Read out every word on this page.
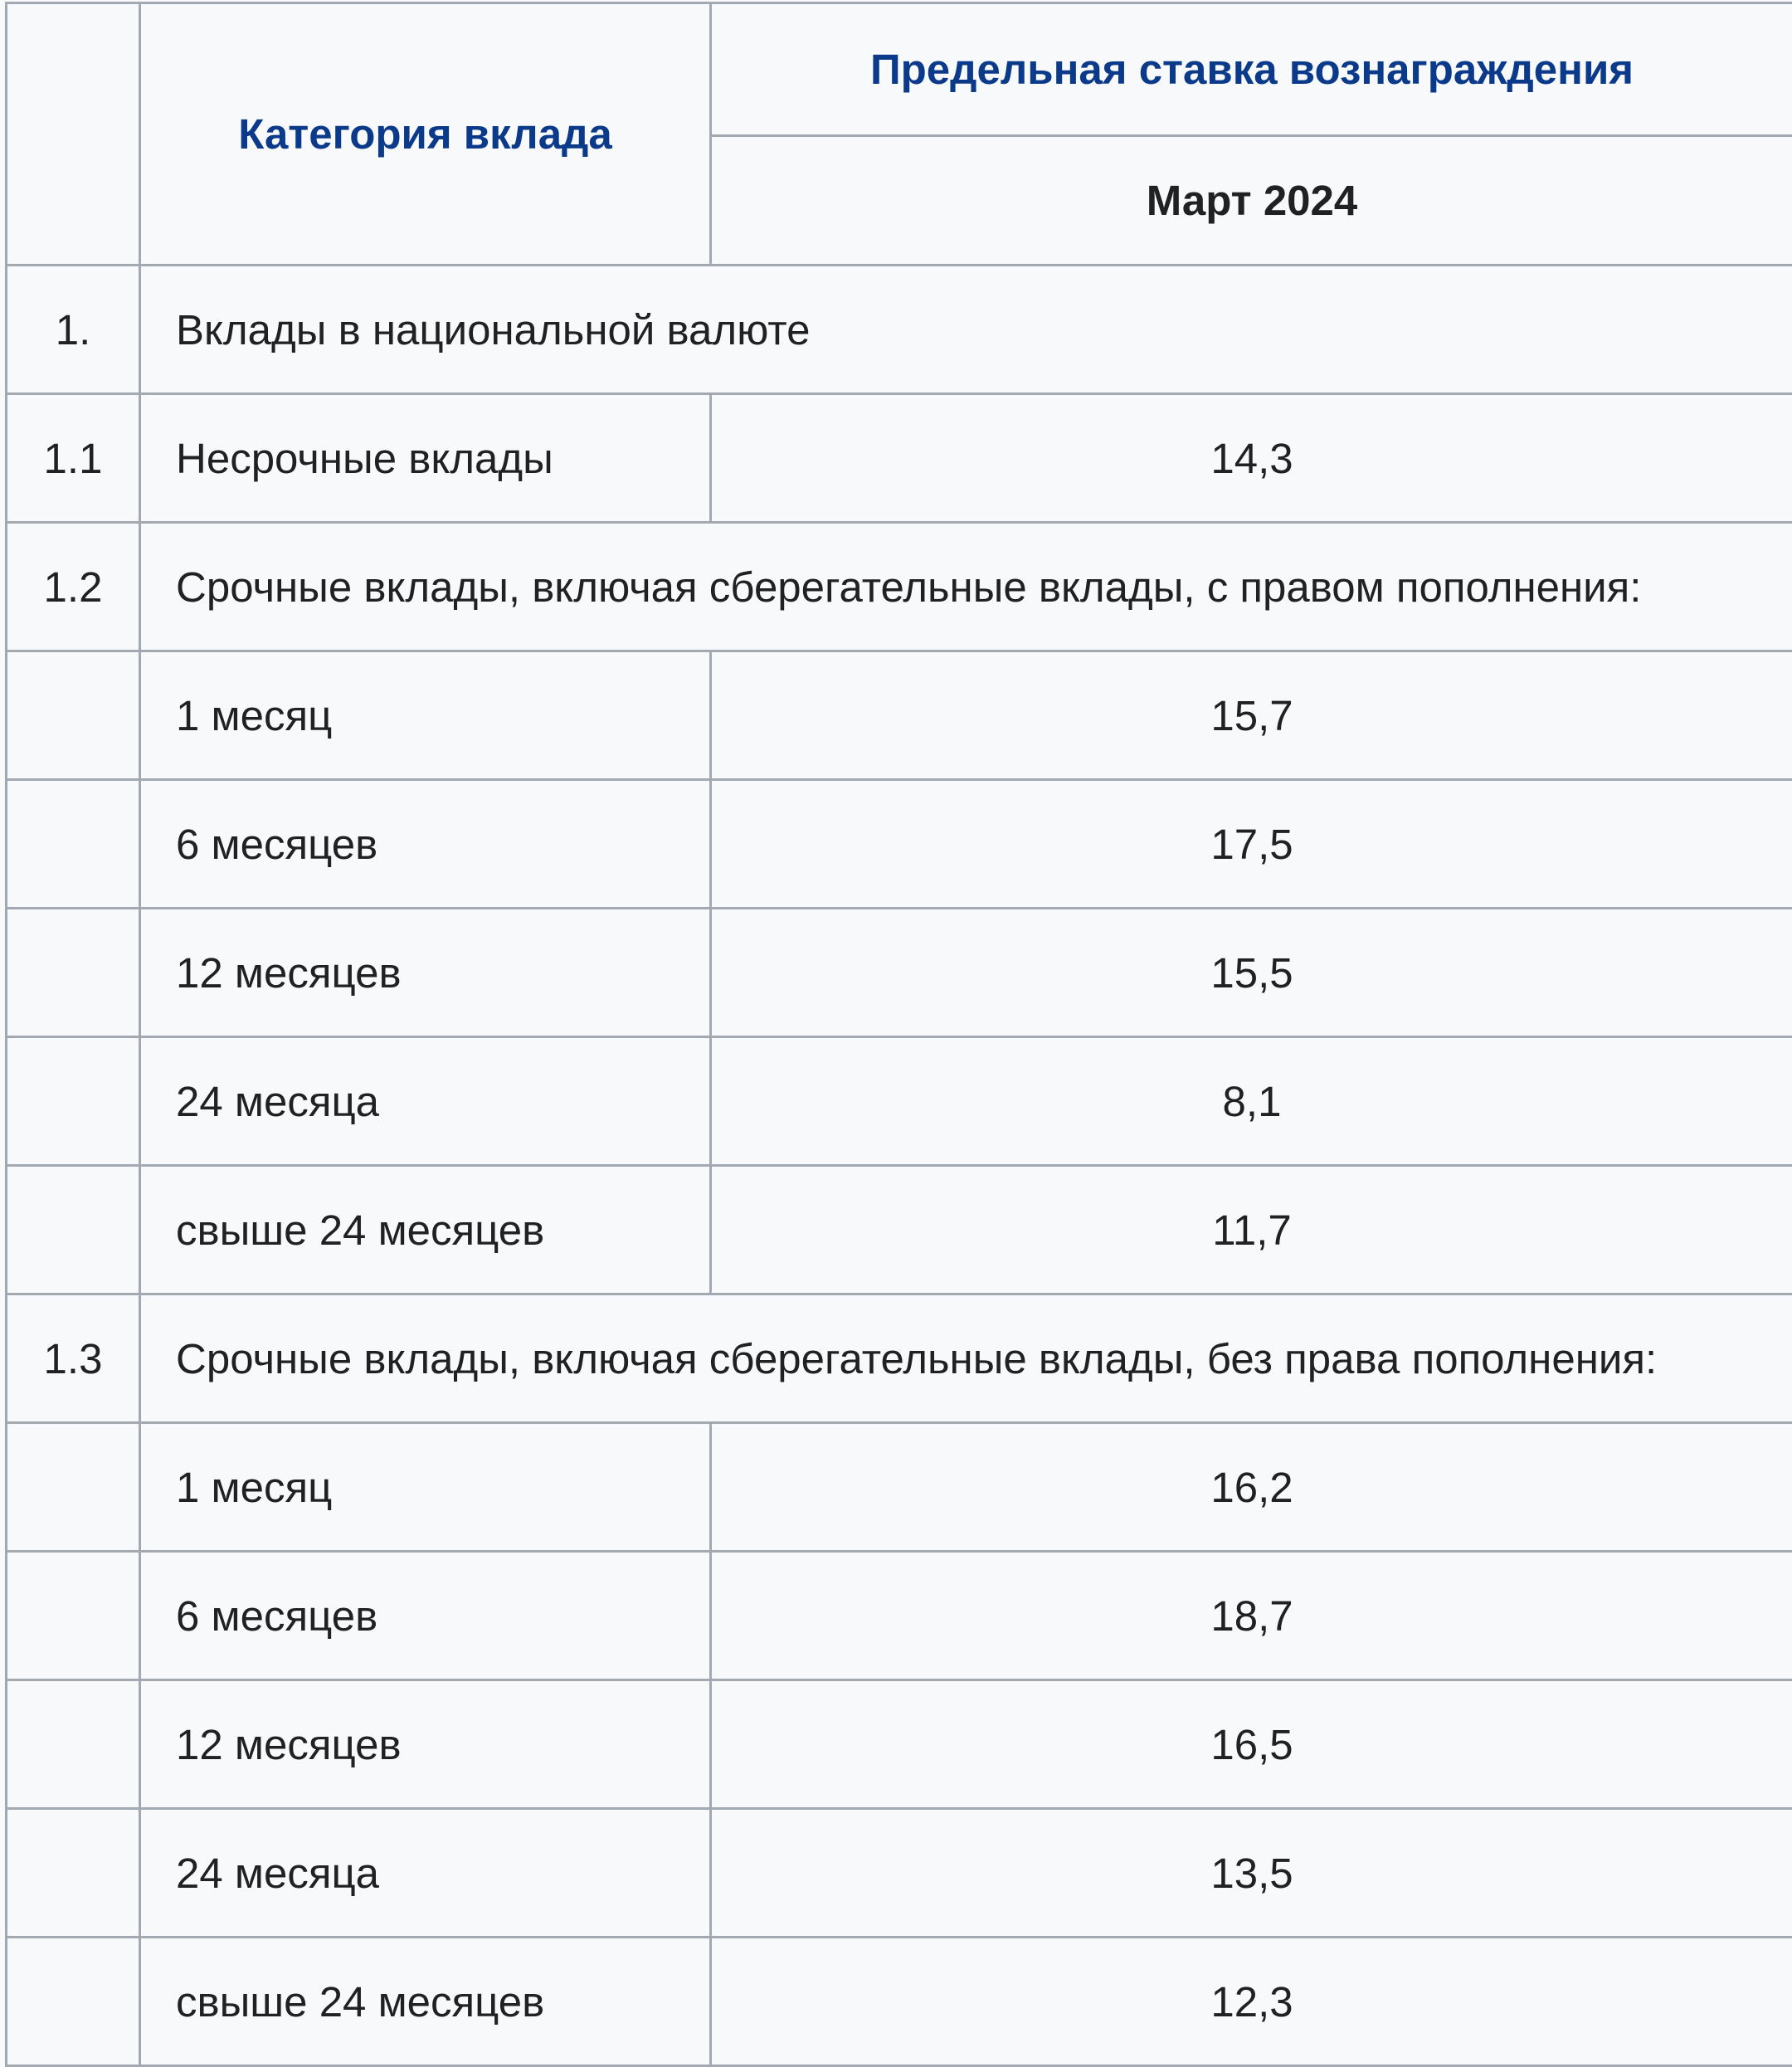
	Категория вклада	Предельная ставка вознаграждения
		Март 2024
1.	Вклады в национальной валюте	
1.1	Несрочные вклады	14,3
1.2	Срочные вклады, включая сберегательные вклады, с правом пополнения:	
	1 месяц	15,7
	6 месяцев	17,5
	12 месяцев	15,5
	24 месяца	8,1
	свыше 24 месяцев	11,7
1.3	Срочные вклады, включая сберегательные вклады, без права пополнения:	
	1 месяц	16,2
	6 месяцев	18,7
	12 месяцев	16,5
	24 месяца	13,5
	свыше 24 месяцев	12,3
